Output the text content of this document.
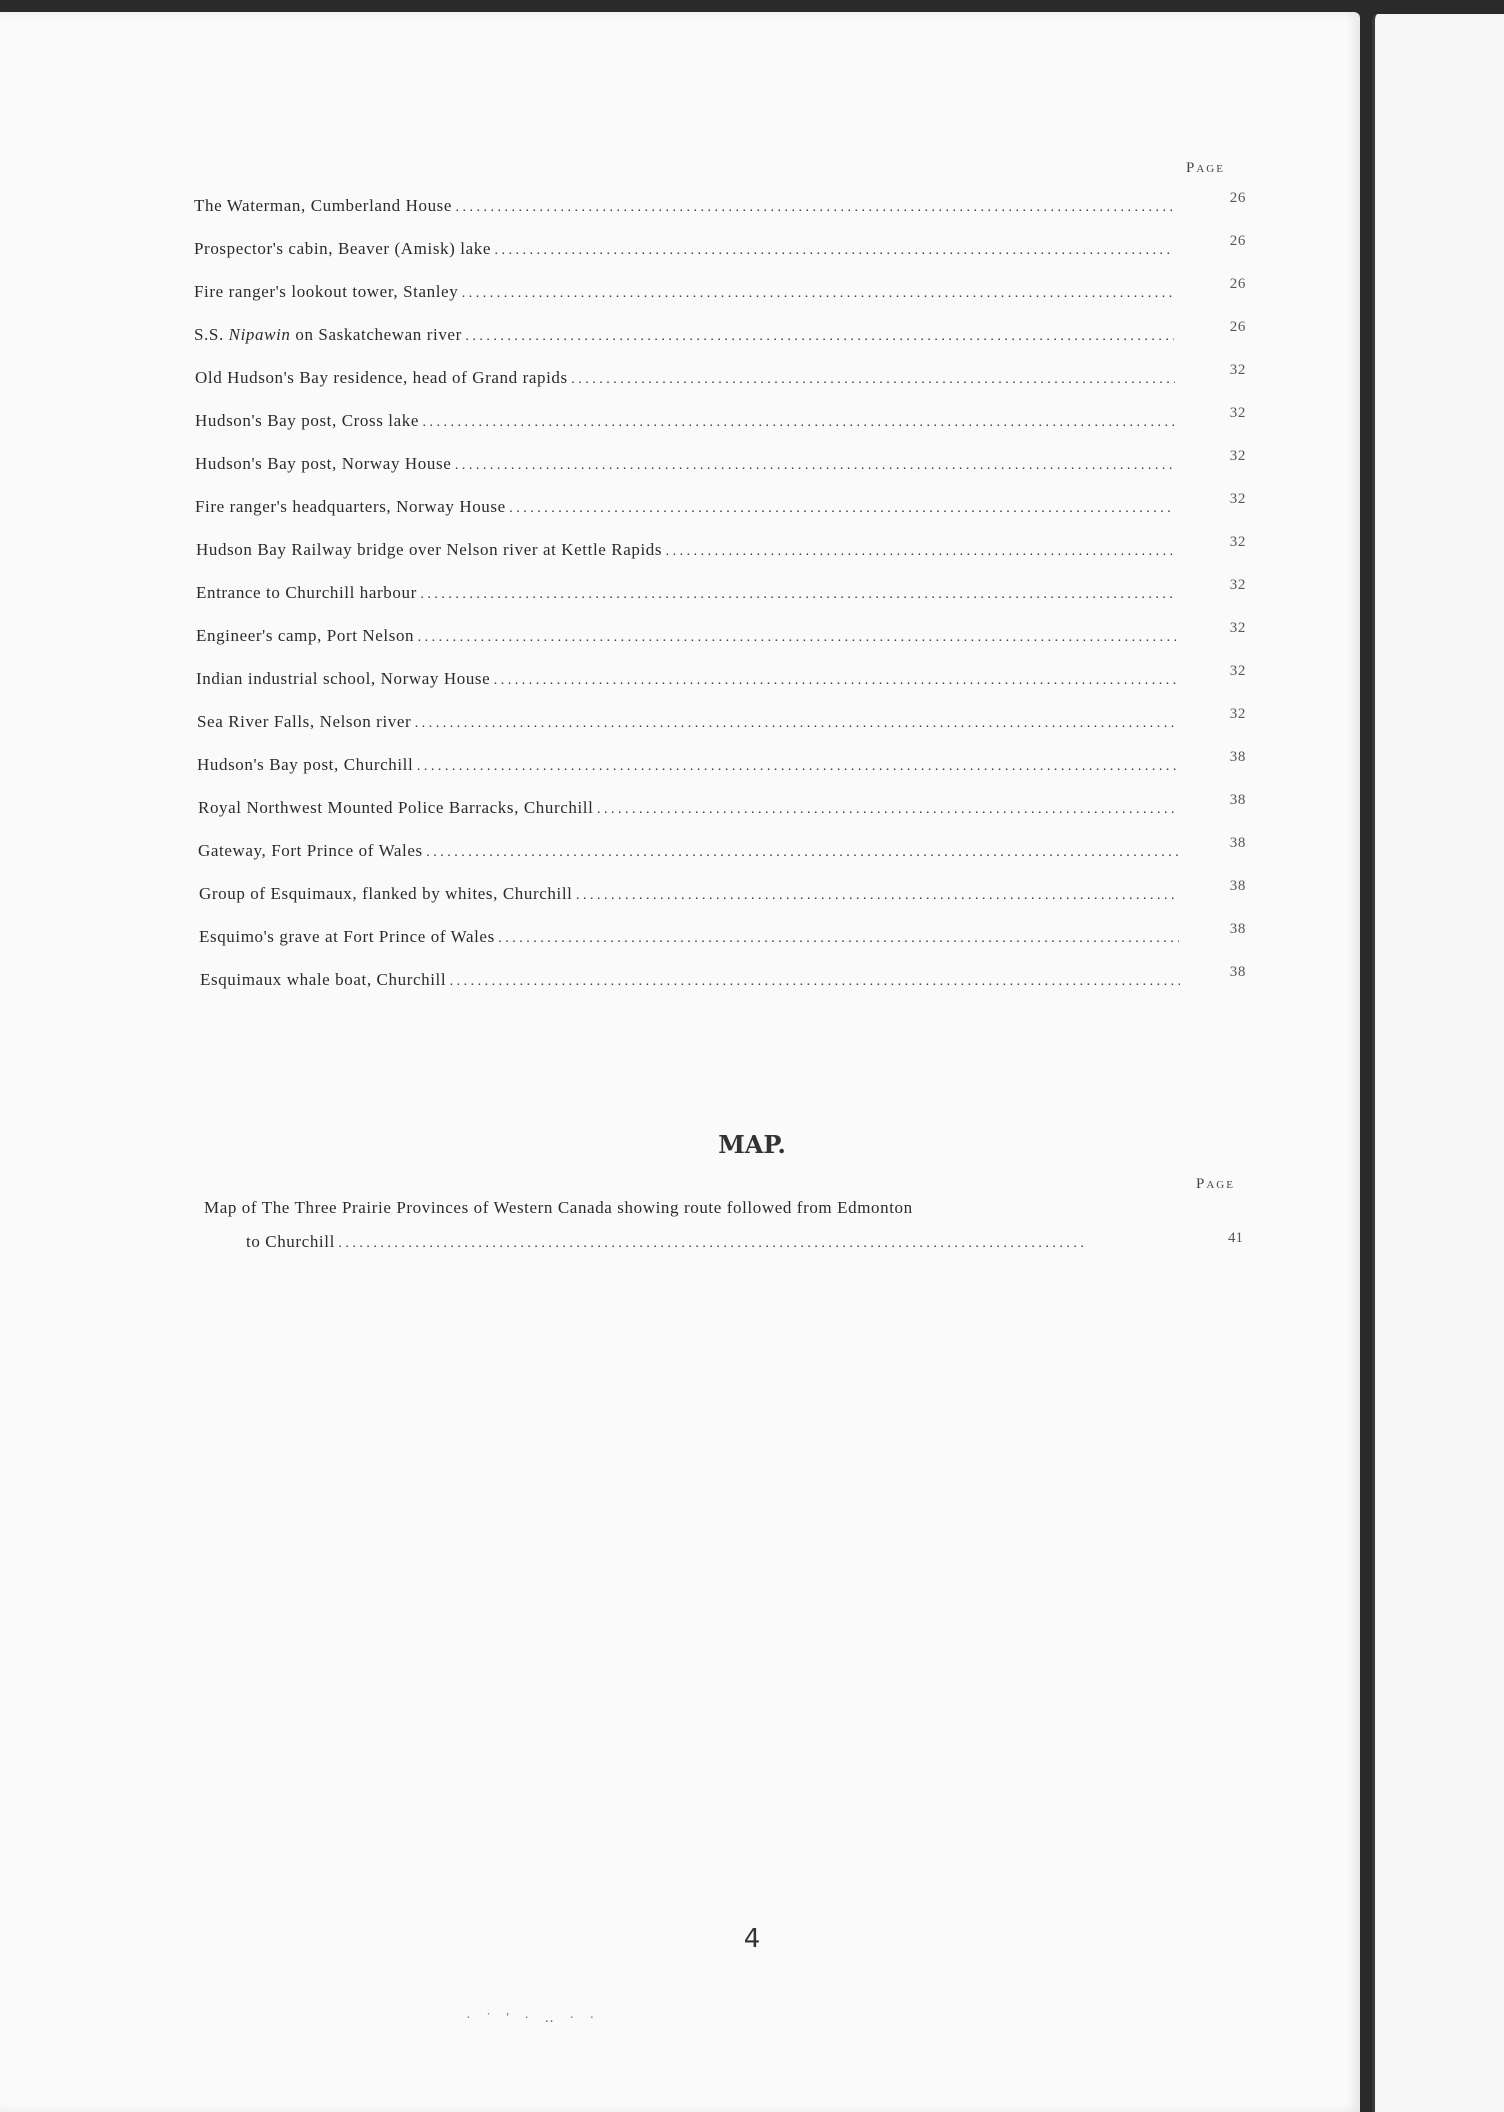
Page
The Waterman, Cumberland House . . .	26
Prospector's cabin, Beaver (Amisk) lake . . .	26
Fire ranger's lookout tower, Stanley . . .	26
S.S. Nipawin on Saskatchewan river . . .	26
Old Hudson's Bay residence, head of Grand rapids . . .	32
Hudson's Bay post, Cross lake . . .	32
Hudson's Bay post, Norway House . . .	32
Fire ranger's headquarters, Norway House . . .	32
Hudson Bay Railway bridge over Nelson river at Kettle Rapids . . .	32
Entrance to Churchill harbour . . .	32
Engineer's camp, Port Nelson . . .	32
Indian industrial school, Norway House . . .	32
Sea River Falls, Nelson river . . .	32
Hudson's Bay post, Churchill . . .	38
Royal Northwest Mounted Police Barracks, Churchill . . .	38
Gateway, Fort Prince of Wales . . .	38
Group of Esquimaux, flanked by whites, Churchill . . .	38
Esquimo's grave at Fort Prince of Wales . . .	38
Esquimaux whale boat, Churchill . . .	38
MAP.
Page
Map of The Three Prairie Provinces of Western Canada showing route followed from Edmonton
to Churchill . . .	41
4
· ˙ ' · ‥ · ·
